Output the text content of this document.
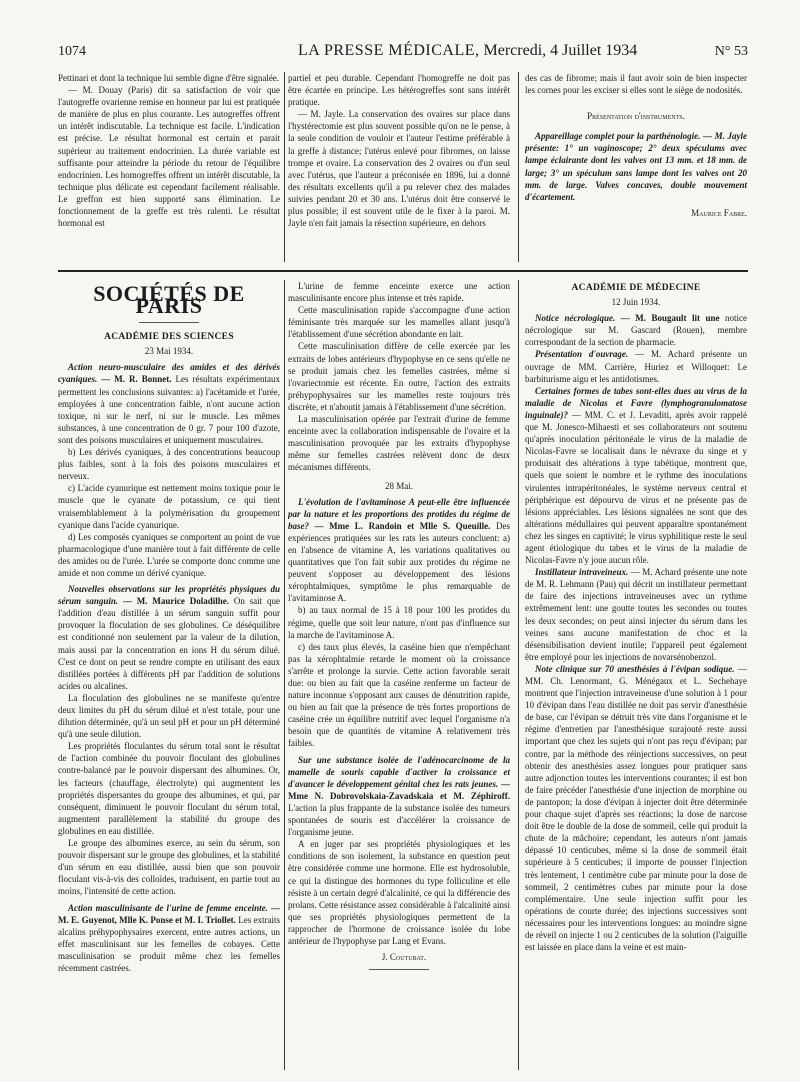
1074	LA PRESSE MÉDICALE, Mercredi, 4 Juillet 1934	N° 53

Pettinari et dont la technique lui semble digne d'être signalée.

— M. Douay (Paris) dit sa satisfaction de voir que l'autogreffe ovarienne remise en honneur par lui est pratiquée de manière de plus en plus courante. Les autogreffes offrent un intérêt indiscutable. La technique est facile. L'indication est précise. Le résultat hormonal est certain et parait supérieur au traitement endocrinien. La durée variable est suffisante pour atteindre la période du retour de l'équilibre endocrinien. Les homogreffes offrent un intérêt discutable, la technique plus délicate est cependant facilement réalisable. Le greffon est bien supporté sans élimination. Le fonctionnement de la greffe est très ralenti. Le résultat hormonal est

partiel et peu durable. Cependant l'homogreffe ne doit pas être écartée en principe. Les hétérogreffes sont sans intérêt pratique.

— M. Jayle. La conservation des ovaires sur place dans l'hystérectomie est plus souvent possible qu'on ne le pense, à la seule condition de vouloir et l'auteur l'estime préférable à la greffe à distance; l'utérus enlevé pour fibromes, on laisse trompe et ovaire. La conservation des 2 ovaires ou d'un seul avec l'utérus, que l'auteur a préconisée en 1896, lui a donné des résultats excellents qu'il a pu relever chez des malades suivies pendant 20 et 30 ans. L'utérus doit être conservé le plus possible; il est souvent utile de le fixer à la paroi. M. Jayle n'en fait jamais la résection supérieure, en dehors

des cas de fibrome; mais il faut avoir soin de bien inspecter les cornes pour les exciser si elles sont le siège de nodosités.

Présentation d'instruments.

Appareillage complet pour la parthénologie. — M. Jayle présente: 1° un vaginoscope; 2° deux spéculums avec lampe éclairante dont les valves ont 13 mm. et 18 mm. de large; 3° un spéculum sans lampe dont les valves ont 20 mm. de large. Valves concaves, double mouvement d'écartement.

Maurice Fabre.

SOCIÉTÉS DE PARIS
ACADÉMIE DES SCIENCES
23 Mai 1934.

Action neuro-musculaire des amides et des dérivés cyaniques. — M. R. Bonnet. Les résultats expérimentaux permettent les conclusions suivantes: a) l'acétamide et l'urée, employées à une concentration faible, n'ont aucune action toxique, ni sur le nerf, ni sur le muscle. Les mêmes substances, à une concentration de 0 gr. 7 pour 100 d'azote, sont des poisons musculaires et uniquement musculaires.

b) Les dérivés cyaniques, à des concentrations beaucoup plus faibles, sont à la fois des poisons musculaires et nerveux.

c) L'acide cyanurique est nettement moins toxique pour le muscle que le cyanate de potassium, ce qui tient vraisemblablement à la polymérisation du groupement cyanique dans l'acide cyanurique.

d) Les composés cyaniques se comportent au point de vue pharmacologique d'une manière tout à fait différente de celle des amides ou de l'urée. L'urée se comporte donc comme une amide et non comme un dérivé cyanique.

Nouvelles observations sur les propriétés physiques du sérum sanguin. — M. Maurice Doladilhe. On sait que l'addition d'eau distillée à un sérum sanguin suffit pour provoquer la floculation de ses globulines. Ce déséquilibre est conditionné non seulement par la valeur de la dilution, mais aussi par la concentration en ions H du sérum dilué. C'est ce dont on peut se rendre compte en utilisant des eaux distillées portées à différents pH par l'addition de solutions acides ou alcalines.

La floculation des globulines ne se manifeste qu'entre deux limites du pH du sérum dilué et n'est totale, pour une dilution déterminée, qu'à un seul pH et pour un pH déterminé qu'à une seule dilution.

Les propriétés floculantes du sérum total sont le résultat de l'action combinée du pouvoir floculant des globulines contre-balancé par le pouvoir dispersant des albumines. Or, les facteurs (chauffage, électrolyte) qui augmentent les propriétés dispersantes du groupe des albumines, et qui, par conséquent, diminuent le pouvoir floculant du sérum total, augmentent parallèlement la stabilité du groupe des globulines en eau distillée.

Le groupe des albumines exerce, au sein du sérum, son pouvoir dispersant sur le groupe des globulines, et la stabilité d'un sérum en eau distillée, aussi bien que son pouvoir floculant vis-à-vis des colloïdes, traduisent, en partie tout au moins, l'intensité de cette action.

Action masculinisante de l'urine de femme enceinte. — M. E. Guyenot, Mlle K. Ponse et M. I. Triollet. Les extraits alcalins préhypophysaires exercent, entre autres actions, un effet masculinisant sur les femelles de cobayes. Cette masculinisation se produit même chez les femelles récemment castrées.

L'urine de femme enceinte exerce une action masculinisante encore plus intense et très rapide.

Cette masculinisation rapide s'accompagne d'une action féminisante très marquée sur les mamelles allant jusqu'à l'établissement d'une sécrétion abondante en lait.

Cette masculinisation diffère de celle exercée par les extraits de lobes antérieurs d'hypophyse en ce sens qu'elle ne se produit jamais chez les femelles castrées, même si l'ovariectomie est récente. En outre, l'action des extraits préhypophysaires sur les mamelles reste toujours très discrète, et n'aboutit jamais à l'établissement d'une sécrétion.

La masculinisation opérée par l'extrait d'urine de femme enceinte avec la collaboration indispensable de l'ovaire et la masculinisation provoquée par les extraits d'hypophyse même sur femelles castrées relèvent donc de deux mécanismes différents.

28 Mai.

L'évolution de l'avitaminose A peut-elle être influencée par la nature et les proportions des protides du régime de base? — Mme L. Randoin et Mlle S. Queuille. Des expériences pratiquées sur les rats les auteurs concluent: a) en l'absence de vitamine A, les variations qualitatives ou quantitatives que l'on fait subir aux protides du régime ne peuvent s'opposer au développement des lésions xérophtalmiques, symptôme le plus remarquable de l'avitaminose A.

b) au taux normal de 15 à 18 pour 100 les protides du régime, quelle que soit leur nature, n'ont pas d'influence sur la marche de l'avitaminose A.

c) des taux plus élevés, la caséine bien que n'empêchant pas la xérophtalmie retarde le moment où la croissance s'arrête et prolonge la survie. Cette action favorable serait due: ou bien au fait que la caséine renferme un facteur de nature inconnue s'opposant aux causes de dénutrition rapide, ou bien au fait que la présence de très fortes proportions de caséine crée un équilibre nutritif avec lequel l'organisme n'a besoin que de quantités de vitamine A relativement très faibles.

Sur une substance isolée de l'adénocarcinome de la mamelle de souris capable d'activer la croissance et d'avancer le développement génital chez les rats jeunes. — Mme N. Dobrovolskaia-Zavadskaia et M. Zéphiroff. L'action la plus frappante de la substance isolée des tumeurs spontanées de souris est d'accélérer la croissance de l'organisme jeune.

A en juger par ses propriétés physiologiques et les conditions de son isolement, la substance en question peut être considérée comme une hormone. Elle est hydrosoluble, ce qui la distingue des hormones du type folliculine et elle résiste à un certain degré d'alcalinité, ce qui la différencie des prolans. Cette résistance assez considérable à l'alcalinité ainsi que ses propriétés physiologiques permettent de la rapprocher de l'hormone de croissance isolée du lobe antérieur de l'hypophyse par Lang et Evans.

J. Coutubat.

ACADÉMIE DE MÉDECINE
12 Juin 1934.

Notice nécrologique. — M. Bougault lit une notice nécrologique sur M. Gascard (Rouen), membre correspondant de la section de pharmacie.

Présentation d'ouvrage. — M. Achard présente un ouvrage de MM. Carrière, Huriez et Willoquet: Le barbiturisme aigu et les antidotismes.

Certaines formes de tabes sont-elles dues au virus de la maladie de Nicolas et Favre (lymphogranulomatose inguinale)? — MM. C. et J. Levaditi, après avoir rappelé que M. Jonesco-Mihaesti et ses collaborateurs ont soutenu qu'après inoculation péritonéale le virus de la maladie de Nicolas-Favre se localisait dans le névraxe du singe et y produisait des altérations à type tabétique, montrent que, quels que soient le nombre et le rythme des inoculations virulentes intrapéritonéales, le système nerveux central et périphérique est dépourvu de virus et ne présente pas de lésions appréciables. Les lésions signalées ne sont que des altérations médullaires qui peuvent apparaître spontanément chez les singes en captivité; le virus syphilitique reste le seul agent étiologique du tabes et le virus de la maladie de Nicolas-Favre n'y joue aucun rôle.

Instillateur intraveineux. — M. Achard présente une note de M. R. Lehmann (Pau) qui décrit un instillateur permettant de faire des injections intraveineuses avec un rythme extrêmement lent: une goutte toutes les secondes ou toutes les deux secondes; on peut ainsi injecter du sérum dans les veines sans aucune manifestation de choc et la désensibilisation devient inutile; l'appareil peut également être employé pour les injections de novarsénobenzol.

Note clinique sur 70 anesthésies à l'évipan sodique. — MM. Ch. Lenormant, G. Ménégaux et L. Sechehaye montrent que l'injection intraveineuse d'une solution à 1 pour 10 d'évipan dans l'eau distillée ne doit pas servir d'anesthésie de base, car l'évipan se détruit très vite dans l'organisme et le régime d'entretien par l'anesthésique surajouté reste aussi important que chez les sujets qui n'ont pas reçu d'évipan; par contre, par la méthode des réinjections successives, on peut obtenir des anesthésies assez longues pour pratiquer sans autre adjonction toutes les interventions courantes; il est bon de faire précéder l'anesthésie d'une injection de morphine ou de pantopon; la dose d'évipan à injecter doit être déterminée pour chaque sujet d'après ses réactions; la dose de narcose doit être le double de la dose de sommeil, celle qui produit la chute de la mâchoire; cependant, les auteurs n'ont jamais dépassé 10 centicubes, même si la dose de sommeil était supérieure à 5 centicubes; il importe de pousser l'injection très lentement, 1 centimètre cube par minute pour la dose de sommeil, 2 centimètres cubes par minute pour la dose complémentaire. Une seule injection suffit pour les opérations de courte durée; des injections successives sont nécessaires pour les interventions longues: au moindre signe de réveil on injecte 1 ou 2 centicubes de la solution (l'aiguille est laissée en place dans la veine et est main-
